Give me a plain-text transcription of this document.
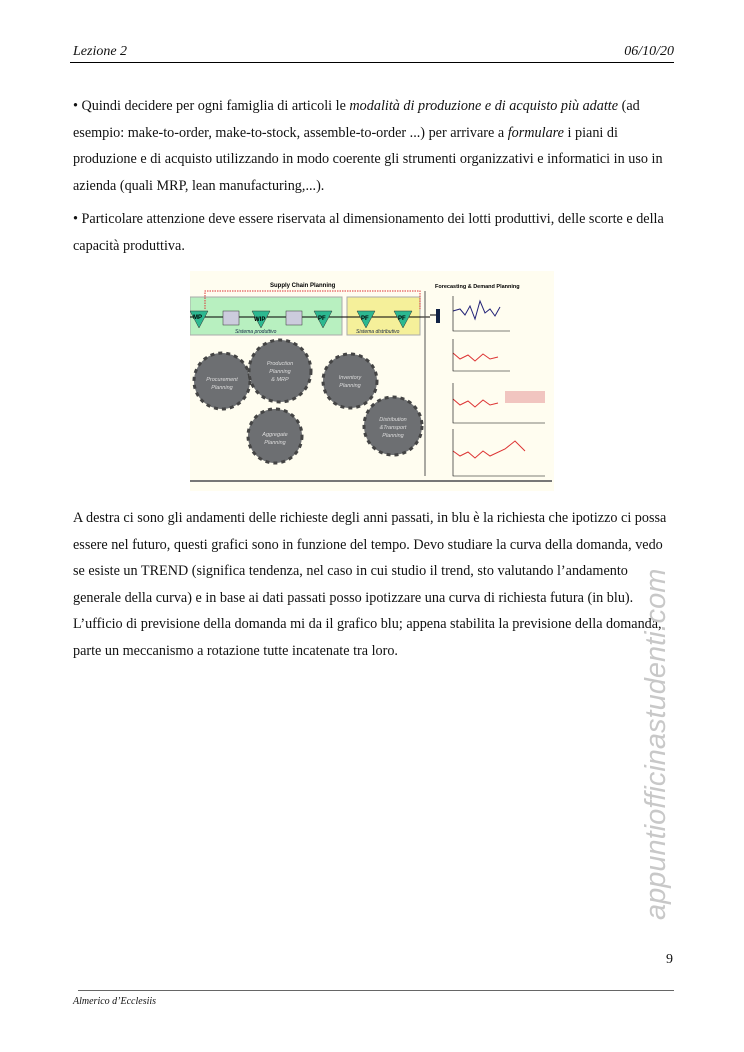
Lezione 2	06/10/20
• Quindi decidere per ogni famiglia di articoli le modalità di produzione e di acquisto più adatte (ad esempio: make-to-order, make-to-stock, assemble-to-order ...) per arrivare a formulare i piani di produzione e di acquisto utilizzando in modo coerente gli strumenti organizzativi e informatici in uso in azienda (quali MRP, lean manufacturing,...).
• Particolare attenzione deve essere riservata al dimensionamento dei lotti produttivi, delle scorte e della capacità produttiva.
Supply Chain Planning	Forecasting & Demand Planning
MP	WIP	PF	PF	PF
Sistema produttivo	Sistema distributivo
Procurement
Planning
Production
Planning
& MRP	Inventory
Planning
Aggregate
Planning
Distribution
&Transport
Planning
A destra ci sono gli andamenti delle richieste degli anni passati, in blu è la richiesta che ipotizzo ci possa essere nel futuro, questi grafici sono in funzione del tempo. Devo studiare la curva della domanda, vedo se esiste un TREND (significa tendenza, nel caso in cui studio il trend, sto valutando l’andamento generale della curva) e in base ai dati passati posso ipotizzare una curva di richiesta futura (in blu). L’ufficio di previsione della domanda mi da il grafico blu; appena stabilita la previsione della domanda, parte un meccanismo a rotazione tutte incatenate tra loro.	appuntiofficinastudenti.com
9
Almerico d’Ecclesiis
